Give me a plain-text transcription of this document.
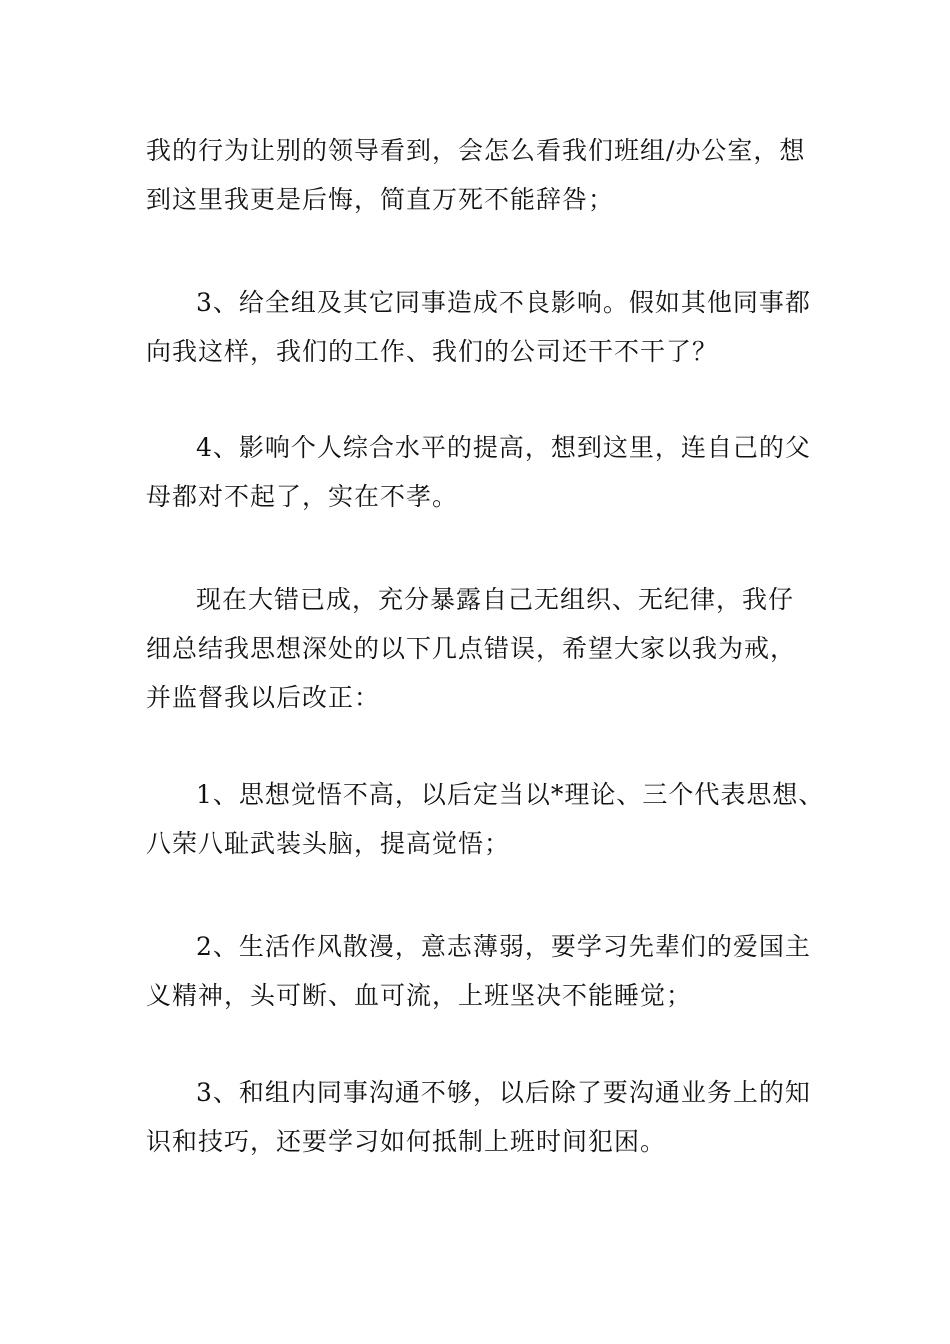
我的行为让别的领导看到，会怎么看我们班组/办公室，想
到这里我更是后悔，简直万死不能辞咎；
3、给全组及其它同事造成不良影响。假如其他同事都
向我这样，我们的工作、我们的公司还干不干了？
4、影响个人综合水平的提高，想到这里，连自己的父
母都对不起了，实在不孝。
现在大错已成，充分暴露自己无组织、无纪律，我仔
细总结我思想深处的以下几点错误，希望大家以我为戒，
并监督我以后改正：
1、思想觉悟不高，以后定当以*理论、三个代表思想、
八荣八耻武装头脑，提高觉悟；
2、生活作风散漫，意志薄弱，要学习先辈们的爱国主
义精神，头可断、血可流，上班坚决不能睡觉；
3、和组内同事沟通不够，以后除了要沟通业务上的知
识和技巧，还要学习如何抵制上班时间犯困。
